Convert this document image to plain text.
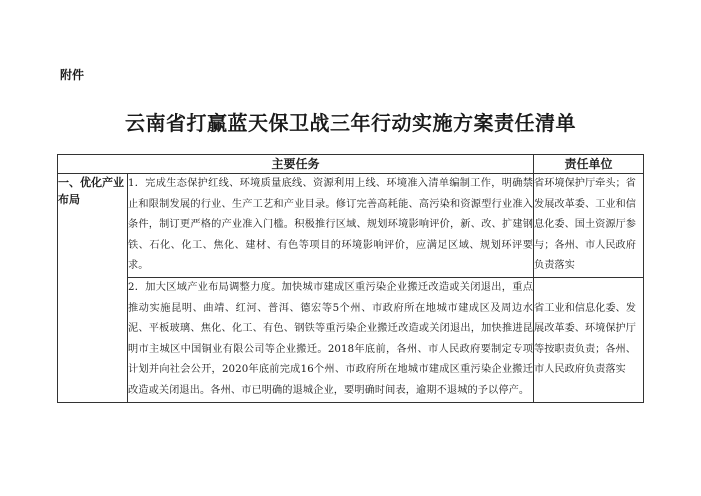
附件
云南省打赢蓝天保卫战三年行动实施方案责任清单
主要任务		责任单位
一、优化产业布局	1．完成生态保护红线、环境质量底线、资源利用上线、环境准入清单编制工作，明确禁止和限制发展的行业、生产工艺和产业目录。修订完善高耗能、高污染和资源型行业准入条件，制订更严格的产业准入门槛。积极推行区域、规划环境影响评价，新、改、扩建钢铁、石化、化工、焦化、建材、有色等项目的环境影响评价，应满足区域、规划环评要求。	省环境保护厅牵头；省发展改革委、工业和信息化委、国土资源厅参与；各州、市人民政府负责落实
	2．加大区域产业布局调整力度。加快城市建成区重污染企业搬迁改造或关闭退出，重点推动实施昆明、曲靖、红河、普洱、德宏等5个州、市政府所在地城市建成区及周边水泥、平板玻璃、焦化、化工、有色、钢铁等重污染企业搬迁改造或关闭退出，加快推进昆明市主城区中国铜业有限公司等企业搬迁。2018年底前，各州、市人民政府要制定专项计划并向社会公开，2020年底前完成16个州、市政府所在地城市建成区重污染企业搬迁改造或关闭退出。各州、市已明确的退城企业，要明确时间表，逾期不退城的予以停产。	省工业和信息化委、发展改革委、环境保护厅等按职责负责；各州、市人民政府负责落实
